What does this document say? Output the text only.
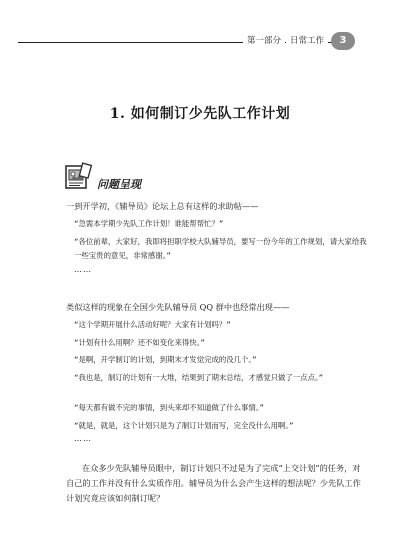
第一部分	日常工作	3
1. 如何制订少先队工作计划
问题呈现
一到开学初，《辅导员》论坛上总有这样的求助帖——
“急需本学期少先队工作计划！谁能帮帮忙？”
“各位前辈，大家好，我即将担职学校大队辅导员，要写一份今年的工作规划，请大家给我一些宝贵的意见，非常感谢。”
……
类似这样的现象在全国少先队辅导员 QQ 群中也经常出现——
“这个学期开展什么活动好呢？大家有计划吗？”
“计划有什么用啊？还不如变化来得快。”
“是啊，开学制订的计划，到期末才发觉完成的没几个。”
“我也是，制订的计划有一大堆，结果到了期末总结，才感觉只做了一点点。”
“每天都有做不完的事情，到头来却不知道做了什么事情。”
“就是，就是，这个计划只是为了制订计划而写，完全没什么用啊。”
……
在众多少先队辅导员眼中，制订计划只不过是为了完成“上交计划”的任务，对自己的工作并没有什么实质作用。辅导员为什么会产生这样的想法呢？少先队工作计划究竟应该如何制订呢？
